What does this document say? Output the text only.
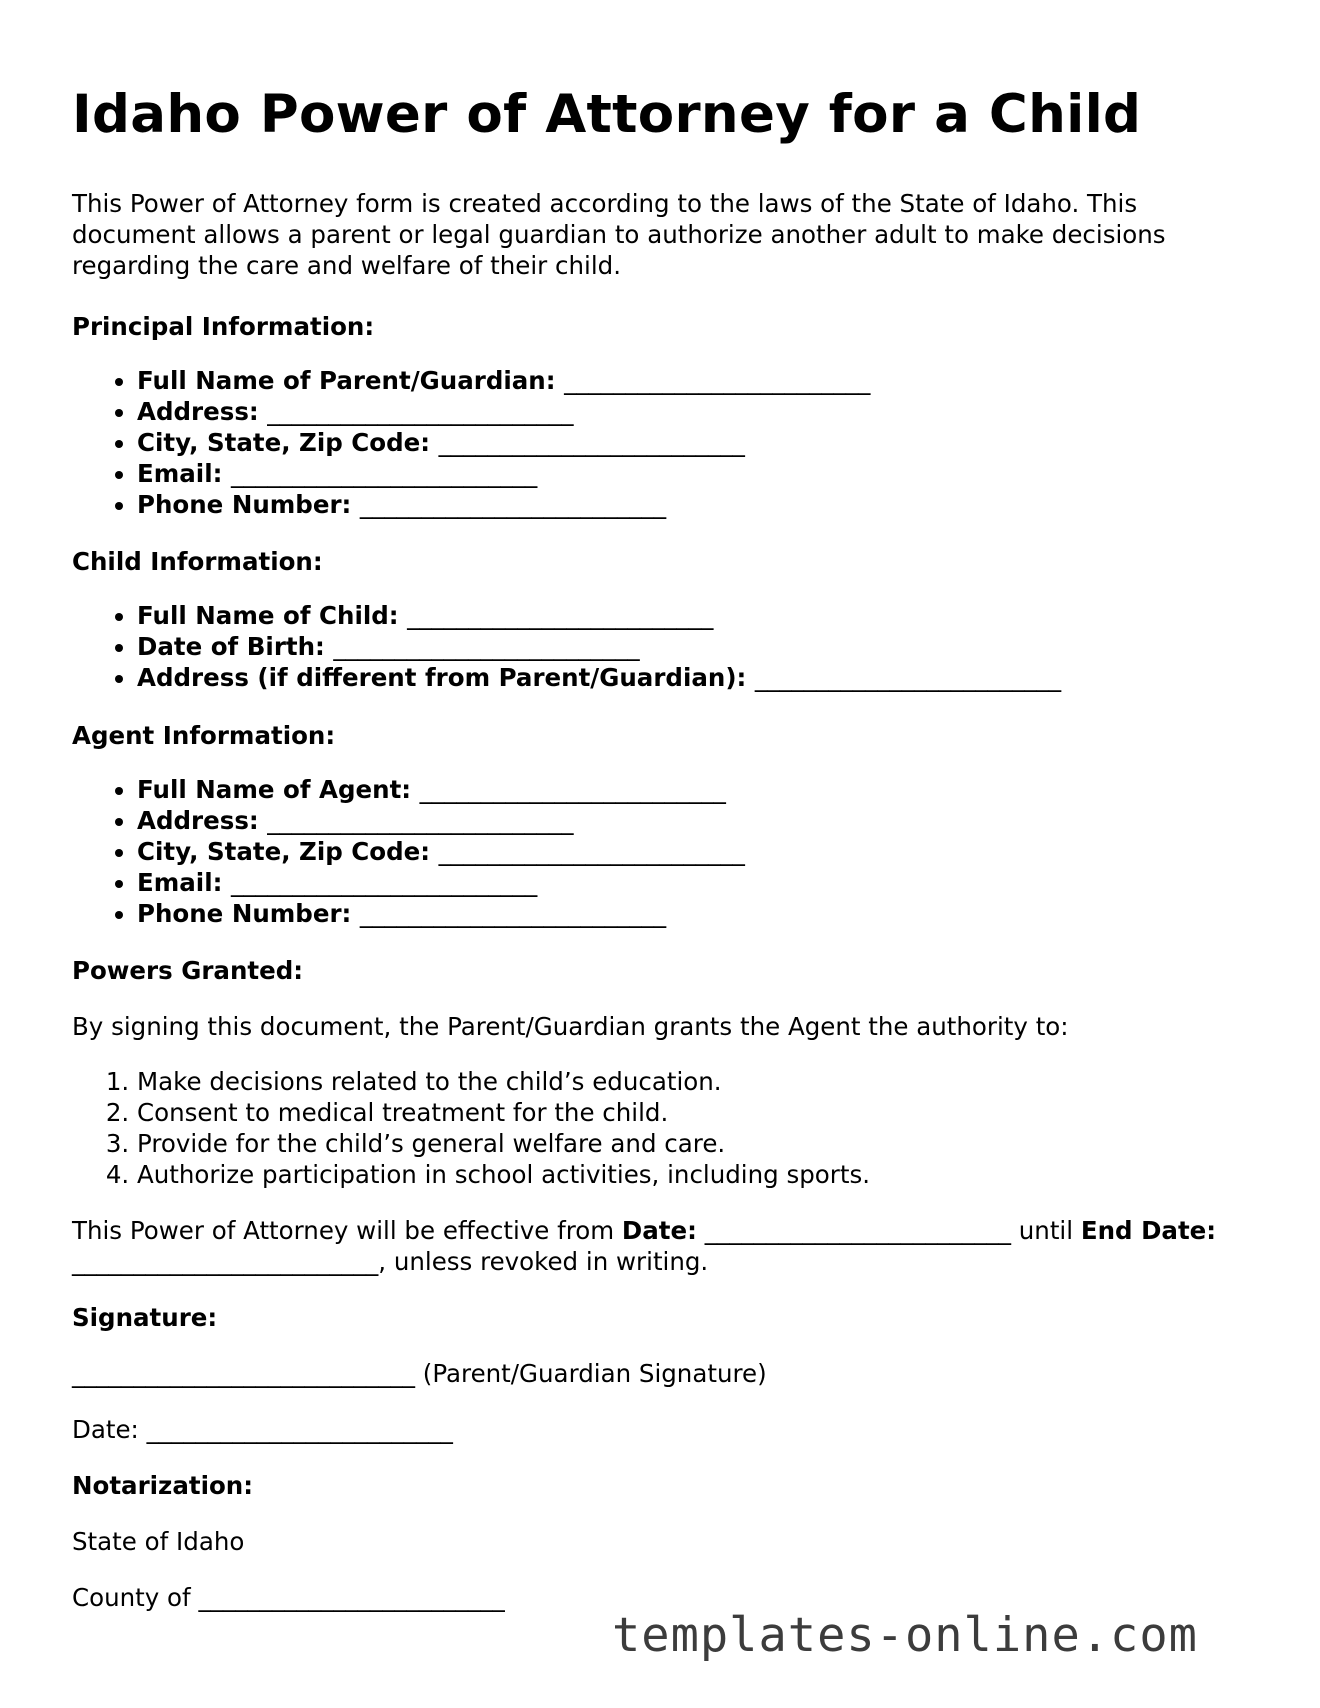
Idaho Power of Attorney for a Child

This Power of Attorney form is created according to the laws of the State of Idaho. This document allows a parent or legal guardian to authorize another adult to make decisions regarding the care and welfare of their child.

Principal Information:

• Full Name of Parent/Guardian: _________________________
• Address: _________________________
• City, State, Zip Code: _________________________
• Email: _________________________
• Phone Number: _________________________

Child Information:

• Full Name of Child: _________________________
• Date of Birth: _________________________
• Address (if different from Parent/Guardian): _________________________

Agent Information:

• Full Name of Agent: _________________________
• Address: _________________________
• City, State, Zip Code: _________________________
• Email: _________________________
• Phone Number: _________________________

Powers Granted:

By signing this document, the Parent/Guardian grants the Agent the authority to:

1. Make decisions related to the child’s education.
2. Consent to medical treatment for the child.
3. Provide for the child’s general welfare and care.
4. Authorize participation in school activities, including sports.

This Power of Attorney will be effective from Date: _________________________ until End Date: _________________________, unless revoked in writing.

Signature:

____________________________ (Parent/Guardian Signature)

Date: _________________________

Notarization:

State of Idaho

County of _________________________

templates-online.com
